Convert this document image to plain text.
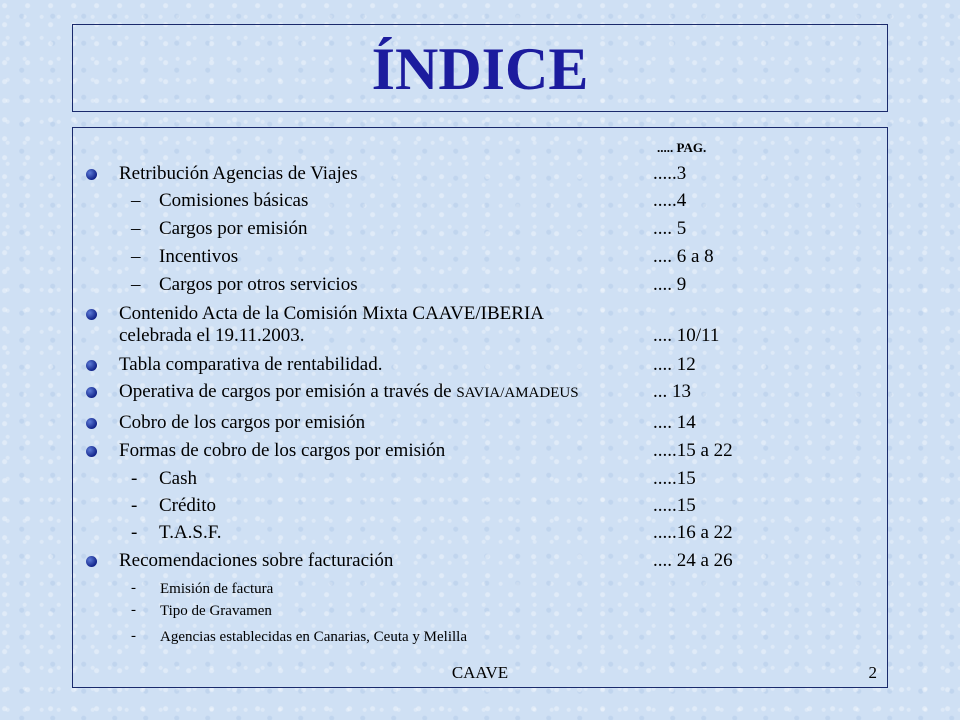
ÍNDICE
..... PAG.
Retribución Agencias de Viajes	.....3
– Comisiones básicas	.....4
– Cargos por emisión	.... 5
– Incentivos	.... 6 a 8
– Cargos por otros servicios	.... 9
Contenido Acta de la Comisión Mixta CAAVE/IBERIA
celebrada el 19.11.2003.	.... 10/11
Tabla comparativa de rentabilidad.	.... 12
Operativa de cargos por emisión a través de SAVIA/AMADEUS	... 13
Cobro de los cargos por emisión	.... 14
Formas de cobro de los cargos por emisión	.....15 a 22
- Cash	.....15
- Crédito	.....15
- T.A.S.F.	.....16 a 22
Recomendaciones sobre facturación	.... 24 a 26
- Emisión de factura
- Tipo de Gravamen
- Agencias establecidas en Canarias, Ceuta y Melilla
CAAVE	2
